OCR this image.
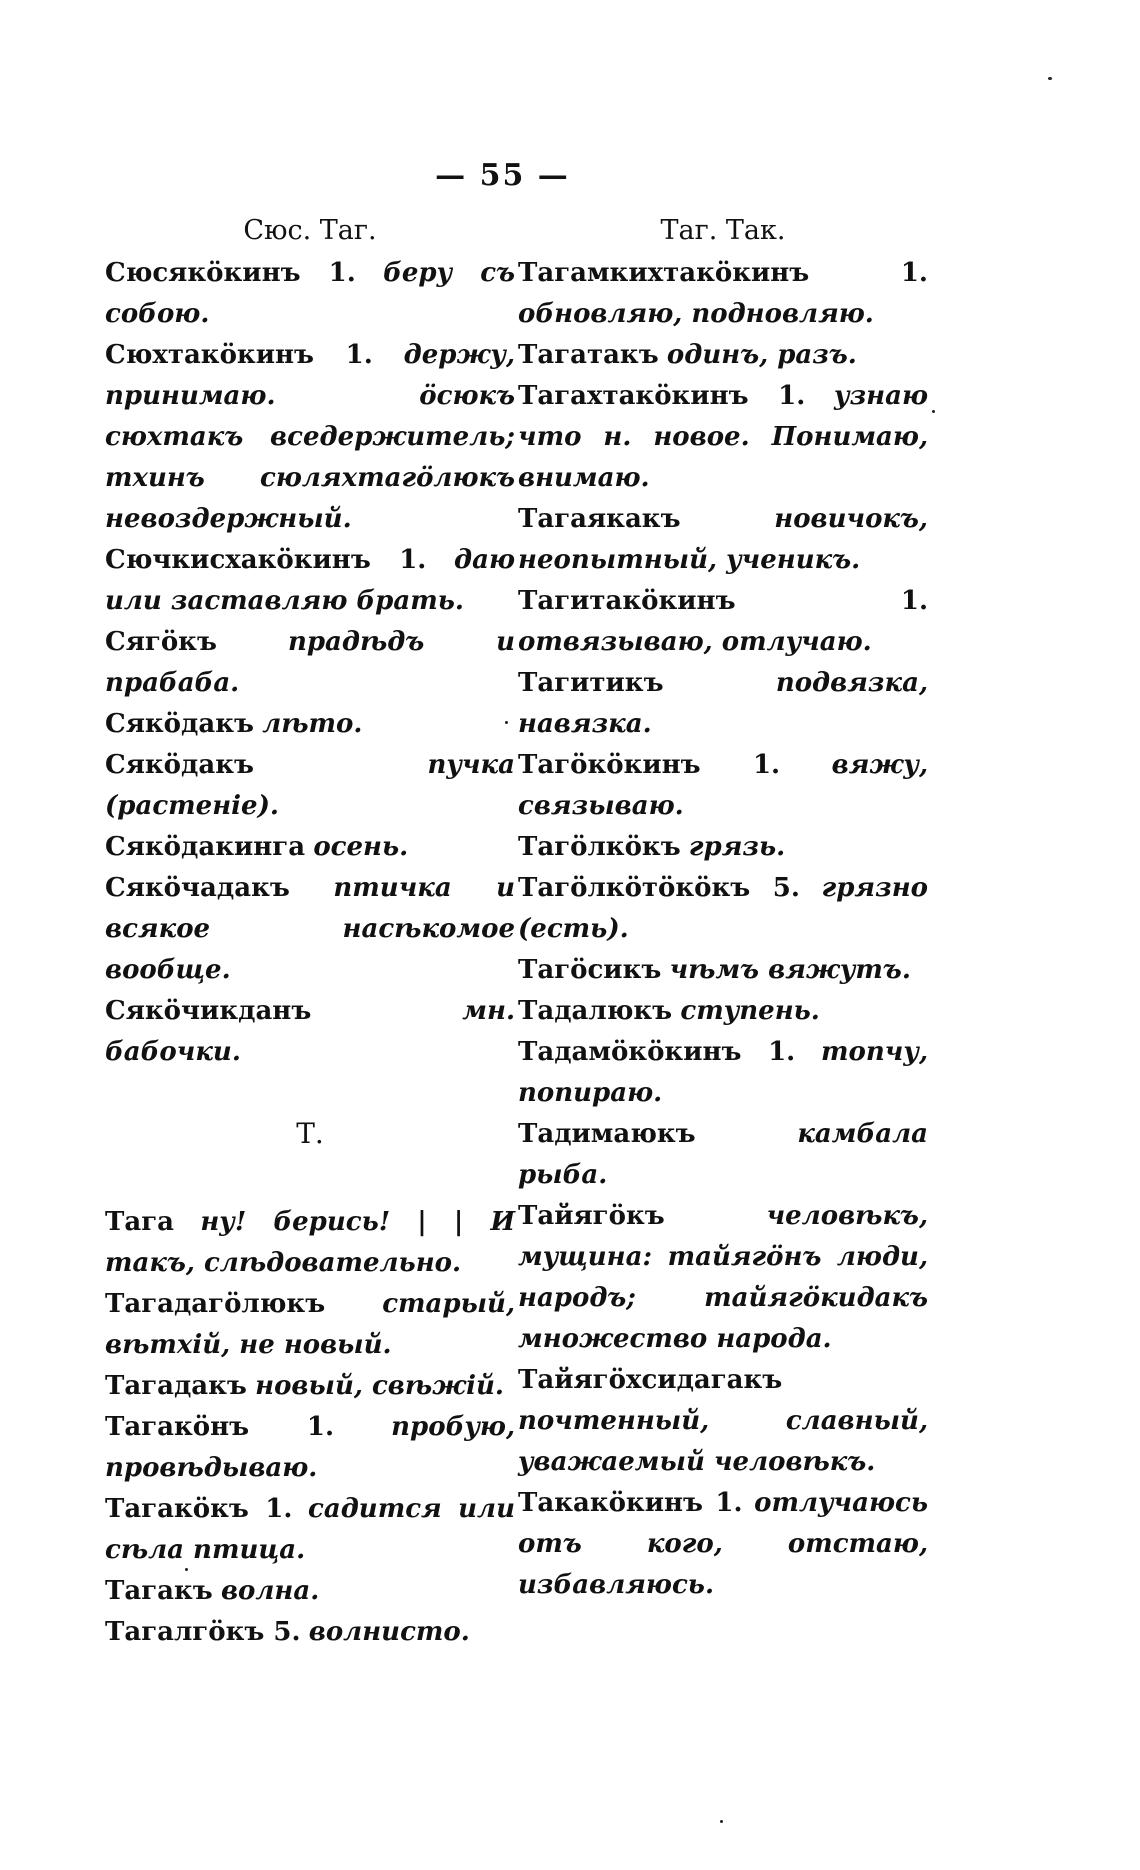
— 55 —
Сюс. Таг.
Сюсякӧкинъ 1. беру съ собою.
Сюхтакӧкинъ 1. держу, принимаю. ӧсюкъ сюхтакъ вседержитель; тхинъ сюляхтагӧлюкъ невоздержный.
Сючкисхакӧкинъ 1. даю или заставляю брать.
Сягӧкъ	прадѣдъ и прабаба.
Сякӧдакъ лѣто.
Сякӧдакъ	пучка (растеніе).
Сякӧдакинга осень.
Сякӧчадакъ птичка и всякое насѣкомое вообще.
Сякӧчикданъ	мн. бабочки.
Т.
Тага ну! берись! | | И такъ, слѣдовательно.
Тагадагӧлюкъ старый, вѣтхій, не новый.
Тагадакъ новый, свѣжій.
Тагакӧнъ 1. пробую, провѣдываю.
Тагакӧкъ 1. садится или сѣла птица.
Тагакъ волна.
Тагалгӧкъ 5. волнисто.
Таг. Так.
Тагамкихтакӧкинъ 1. обновляю, подновляю.
Тагатакъ одинъ, разъ.
Тагахтакӧкинъ 1. узнаю что н. новое. Понимаю, внимаю.
Тагаякакъ	новичокъ, неопытный, ученикъ.
Тагитакӧкинъ 1. отвязываю, отлучаю.
Тагитикъ	подвязка, навязка.
Тагӧкӧкинъ 1. вяжу, связываю.
Тагӧлкӧкъ грязь.
Тагӧлкӧтӧкӧкъ 5. грязно (есть).
Тагӧсикъ чѣмъ вяжутъ.
Тадалюкъ ступень.
Тадамӧкӧкинъ 1. топчу, попираю.
Тадимаюкъ	камбала рыба.
Тайягӧкъ	человѣкъ, мущина: тайягӧнъ люди, народъ; тайягӧкидакъ множество народа.
Тайягӧхсидагакъ почтенный, славный, уважаемый человѣкъ.
Такакӧкинъ 1. отлучаюсь отъ кого, отстаю, избавляюсь.
